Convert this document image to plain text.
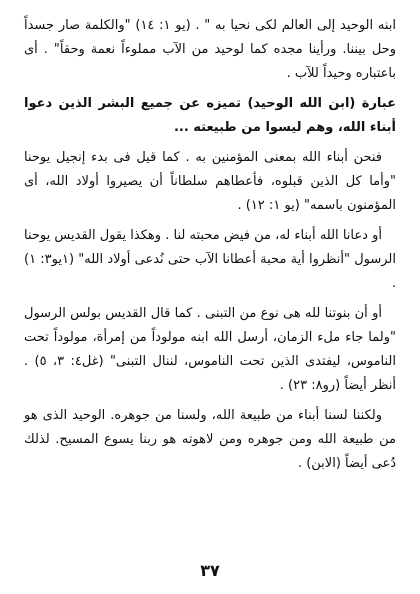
ابنه الوحيد إلى العالم لكى نحيا به " . (يو ١: ١٤) "والكلمة صار جسداً وحل بيننا. ورأينا مجده كما لوحيد من الآب مملوءاً نعمة وحقاً" . أى باعتباره وحيداً للآب .

عبارة (ابن الله الوحيد) تميزه عن جميع البشر الذين دعوا أبناء الله، وهم ليسوا من طبيعته ...

فنحن أبناء الله بمعنى المؤمنين به . كما قيل فى بدء إنجيل يوحنا "وأما كل الذين قبلوه، فأعطاهم سلطاناً أن يصيروا أولاد الله، أى المؤمنون باسمه" (يو ١: ١٢) .

أو دعانا الله أبناء له، من فيض محبته لنا . وهكذا يقول القديس يوحنا الرسول "أنظروا أية محبة أعطانا الآب حتى نُدعى أولاد الله" (١يو٣: ١) .

أو أن بنوتنا لله هى نوع من التبنى . كما قال القديس بولس الرسول "ولما جاء ملء الزمان، أرسل الله ابنه مولوداً من إمرأة، مولوداً تحت الناموس، ليفتدى الذين تحت الناموس، لننال التبنى" (غل٤: ٣، ٥) . أنظر أيضاً (رو٨: ٢٣) .

ولكننا لسنا أبناء من طبيعة الله، ولسنا من جوهره. الوحيد الذى هو من طبيعة الله ومن جوهره ومن لاهوته هو ربنا يسوع المسيح. لذلك دُعى أيضاً (الابن) .

٣٧
